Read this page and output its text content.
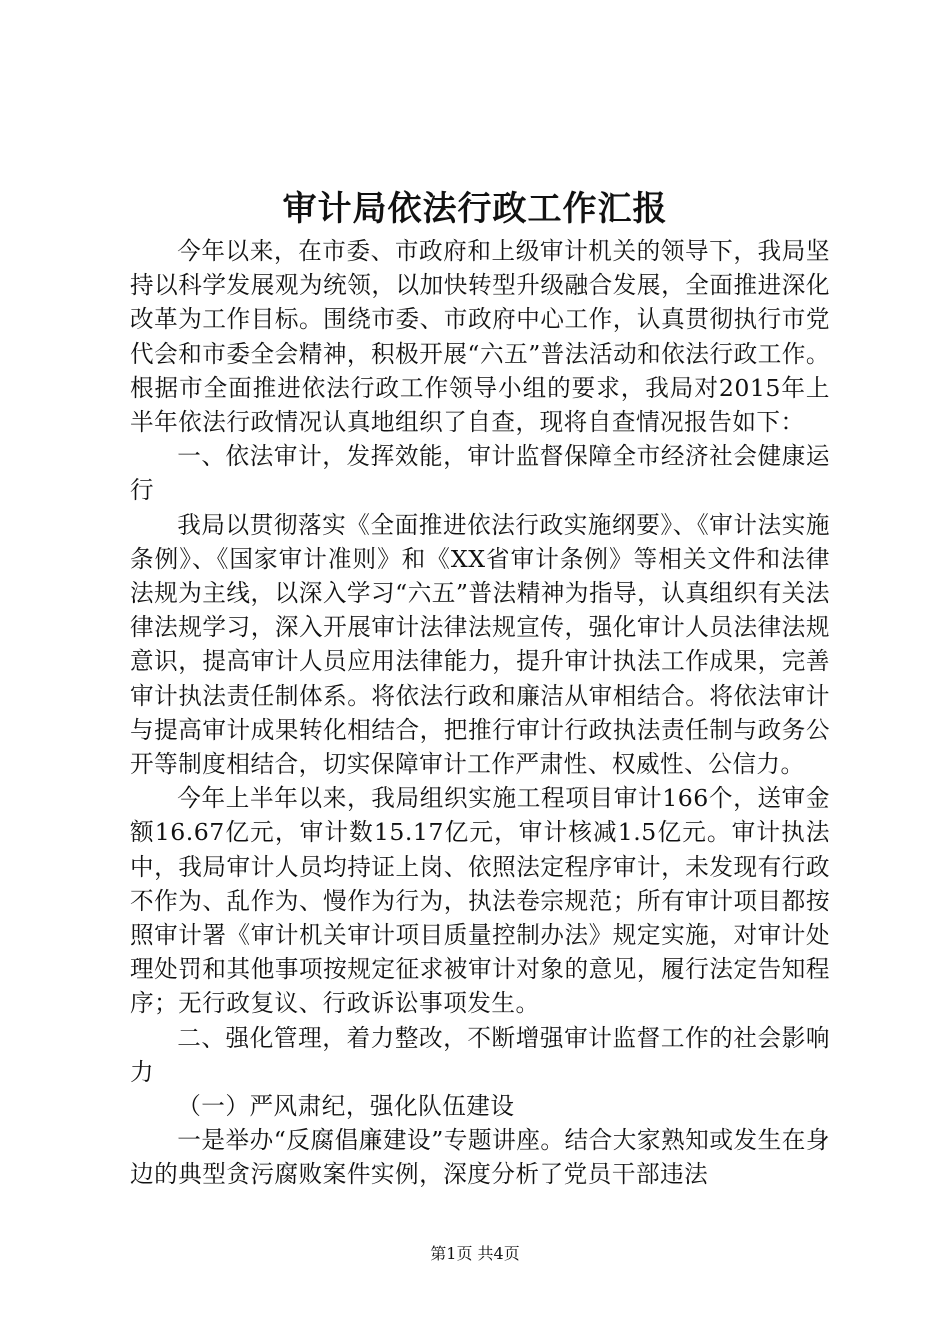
审计局依法行政工作汇报

今年以来，在市委、市政府和上级审计机关的领导下，我局坚持以科学发展观为统领，以加快转型升级融合发展，全面推进深化改革为工作目标。围绕市委、市政府中心工作，认真贯彻执行市党代会和市委全会精神，积极开展“六五”普法活动和依法行政工作。根据市全面推进依法行政工作领导小组的要求，我局对2015年上半年依法行政情况认真地组织了自查，现将自查情况报告如下：

一、依法审计，发挥效能，审计监督保障全市经济社会健康运行

我局以贯彻落实《全面推进依法行政实施纲要》、《审计法实施条例》、《国家审计准则》和《XX省审计条例》等相关文件和法律法规为主线，以深入学习“六五”普法精神为指导，认真组织有关法律法规学习，深入开展审计法律法规宣传，强化审计人员法律法规意识，提高审计人员应用法律能力，提升审计执法工作成果，完善审计执法责任制体系。将依法行政和廉洁从审相结合。将依法审计与提高审计成果转化相结合，把推行审计行政执法责任制与政务公开等制度相结合，切实保障审计工作严肃性、权威性、公信力。

今年上半年以来，我局组织实施工程项目审计166个，送审金额16.67亿元，审计数15.17亿元，审计核减1.5亿元。审计执法中，我局审计人员均持证上岗、依照法定程序审计，未发现有行政不作为、乱作为、慢作为行为，执法卷宗规范；所有审计项目都按照审计署《审计机关审计项目质量控制办法》规定实施，对审计处理处罚和其他事项按规定征求被审计对象的意见，履行法定告知程序；无行政复议、行政诉讼事项发生。

二、强化管理，着力整改，不断增强审计监督工作的社会影响力

（一）严风肃纪，强化队伍建设

一是举办“反腐倡廉建设”专题讲座。结合大家熟知或发生在身边的典型贪污腐败案件实例，深度分析了党员干部违法

第1页 共4页
